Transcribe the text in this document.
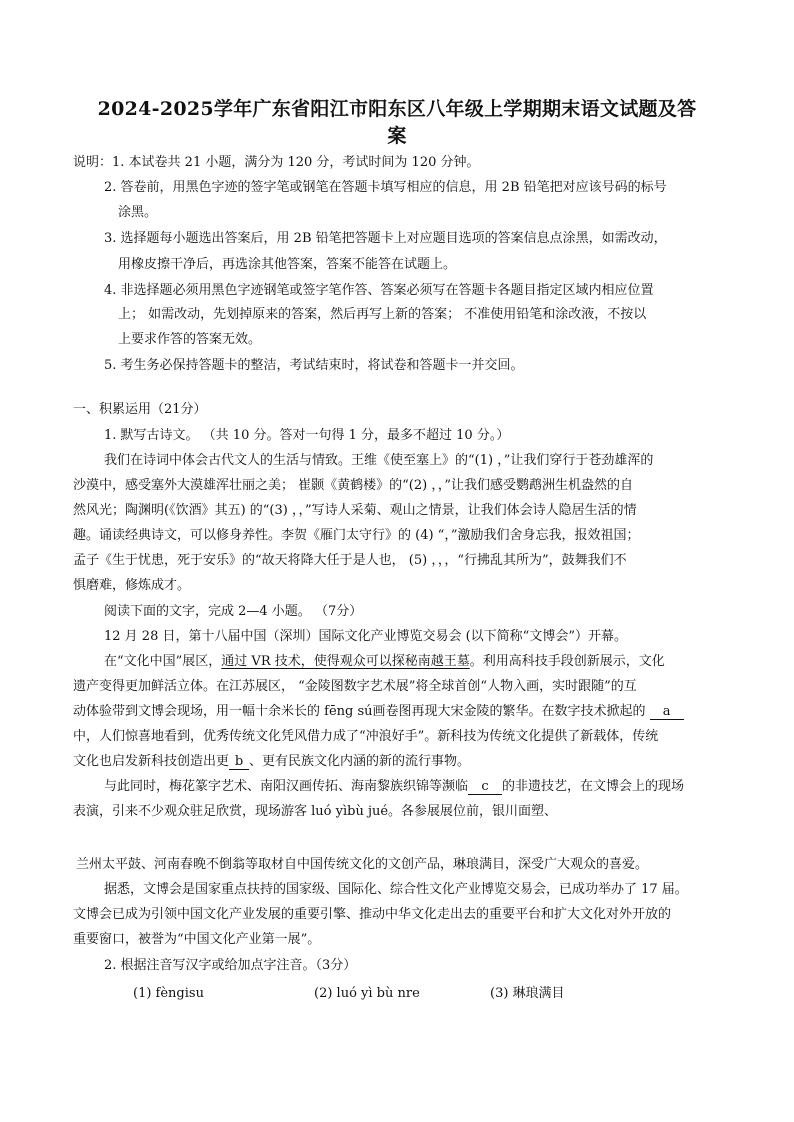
2024-2025学年广东省阳江市阳东区八年级上学期期末语文试题及答
案
说明：1. 本试卷共 21 小题，满分为 120 分，考试时间为 120 分钟。
2. 答卷前，用黑色字迹的签字笔或钢笔在答题卡填写相应的信息，用 2B 铅笔把对应该号码的标号
涂黑。
3. 选择题每小题选出答案后，用 2B 铅笔把答题卡上对应题目选项的答案信息点涂黑，如需改动，
用橡皮擦干净后，再选涂其他答案，答案不能答在试题上。
4. 非选择题必须用黑色字迹钢笔或签字笔作答、答案必须写在答题卡各题目指定区域内相应位置
上； 如需改动，先划掉原来的答案，然后再写上新的答案； 不准使用铅笔和涂改液，不按以
上要求作答的答案无效。
5. 考生务必保持答题卡的整洁，考试结束时，将试卷和答题卡一并交回。
一、积累运用（21分）
1. 默写古诗文。 （共 10 分。答对一句得 1 分，最多不超过 10 分。）
我们在诗词中体会古代文人的生活与情致。王维《使至塞上》的“(1) ，”让我们穿行于苍劲雄浑的
沙漠中，感受塞外大漠雄浑壮丽之美； 崔颢《黄鹤楼》的“(2) ，，”让我们感受鹦鹉洲生机盎然的自
然风光；陶渊明(《饮酒》其五) 的“(3) ，，”写诗人采菊、观山之情景，让我们体会诗人隐居生活的情
趣。诵读经典诗文，可以修身养性。李贺《雁门太守行》的 (4) “，”激励我们舍身忘我，报效祖国；
孟子《生于忧患，死于安乐》的“故天将降大任于是人也， (5) ，，，“行拂乱其所为”，鼓舞我们不
惧磨难，修炼成才。
阅读下面的文字，完成 2—4 小题。 （7分）
12 月 28 日，第十八届中国（深圳）国际文化产业博览交易会 (以下简称“文博会”）开幕。
在“文化中国”展区，通过 VR 技术，使得观众可以探秘南越王墓。利用高科技手段创新展示，文化
遗产变得更加鲜活立体。在江苏展区， “金陵图数字艺术展”将全球首创“人物入画，实时跟随”的互
动体验带到文博会现场，用一幅十余米长的 fēng sú画卷图再现大宋金陵的繁华。在数字技术掀起的 a
中，人们惊喜地看到，优秀传统文化凭风借力成了“冲浪好手”。新科技为传统文化提供了新载体，传统
文化也启发新科技创造出更 b 、更有民族文化内涵的新的流行事物。
与此同时，梅花篆字艺术、南阳汉画传拓、海南黎族织锦等濒临 c 的非遗技艺，在文博会上的现场
表演，引来不少观众驻足欣赏，现场游客 luó yìbù jué。各参展展位前，银川面塑、
兰州太平鼓、河南春晚不倒翁等取材自中国传统文化的文创产品，琳琅满目，深受广大观众的喜爱。
据悉，文博会是国家重点扶持的国家级、国际化、综合性文化产业博览交易会，已成功举办了 17 届。
文博会已成为引领中国文化产业发展的重要引擎、推动中华文化走出去的重要平台和扩大文化对外开放的
重要窗口，被誉为“中国文化产业第一展”。
2. 根据注音写汉字或给加点字注音。（3分）
(1) fèngisu	(2) luó yì bù nre	(3) 琳琅满目
